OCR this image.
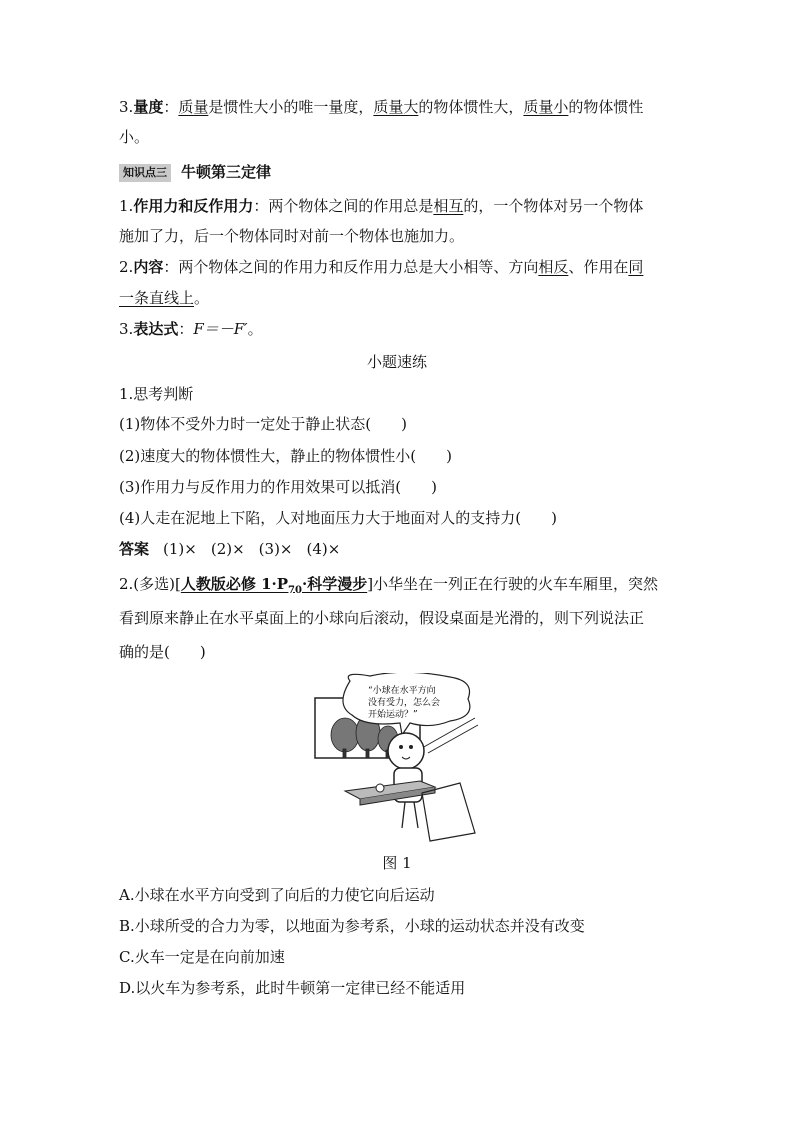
3.量度：质量是惯性大小的唯一量度，质量大的物体惯性大，质量小的物体惯性
小。
知识点三 牛顿第三定律
1.作用力和反作用力：两个物体之间的作用总是相互的，一个物体对另一个物体
施加了力，后一个物体同时对前一个物体也施加力。
2.内容：两个物体之间的作用力和反作用力总是大小相等、方向相反、作用在同
一条直线上。
3.表达式：F＝－F′。
小题速练
1.思考判断
(1)物体不受外力时一定处于静止状态(　　)
(2)速度大的物体惯性大，静止的物体惯性小(　　)
(3)作用力与反作用力的作用效果可以抵消(　　)
(4)人走在泥地上下陷，人对地面压力大于地面对人的支持力(　　)
答案 (1)× (2)× (3)× (4)×
2.(多选)[人教版必修 $1\cdot P_{70}\cdot$科学漫步]小华坐在一列正在行驶的火车车厢里，突然
看到原来静止在水平桌面上的小球向后滚动，假设桌面是光滑的，则下列说法正
确的是(　　)
“小球在水平方向
没有受力，怎么会
开始运动？”
图 1
A.小球在水平方向受到了向后的力使它向后运动
B.小球所受的合力为零，以地面为参考系，小球的运动状态并没有改变
C.火车一定是在向前加速
D.以火车为参考系，此时牛顿第一定律已经不能适用
